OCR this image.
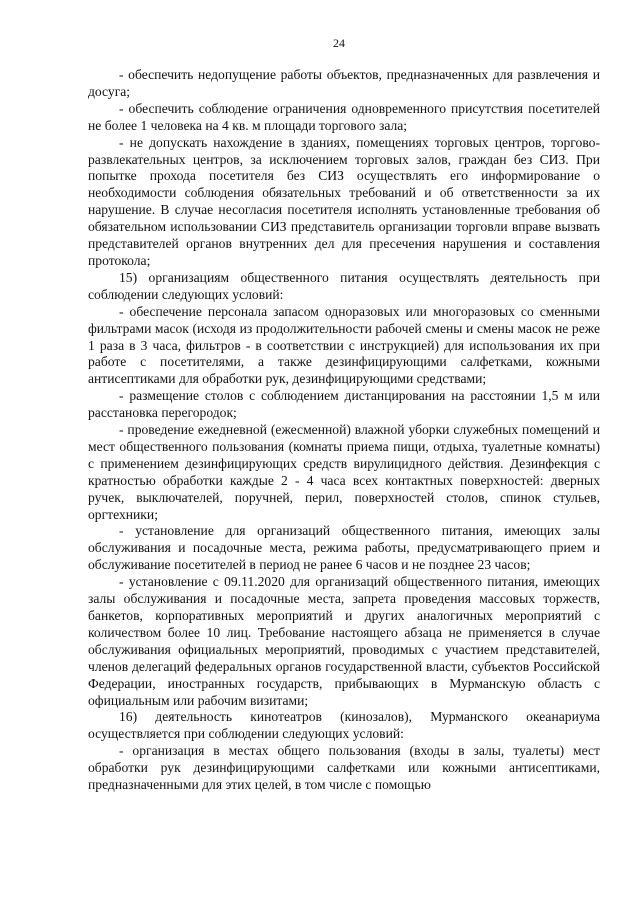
24

- обеспечить недопущение работы объектов, предназначенных для развлечения и досуга;

- обеспечить соблюдение ограничения одновременного присутствия посетителей не более 1 человека на 4 кв. м площади торгового зала;

- не допускать нахождение в зданиях, помещениях торговых центров, торгово-развлекательных центров, за исключением торговых залов, граждан без СИЗ. При попытке прохода посетителя без СИЗ осуществлять его информирование о необходимости соблюдения обязательных требований и об ответственности за их нарушение. В случае несогласия посетителя исполнять установленные требования об обязательном использовании СИЗ представитель организации торговли вправе вызвать представителей органов внутренних дел для пресечения нарушения и составления протокола;

15) организациям общественного питания осуществлять деятельность при соблюдении следующих условий:

- обеспечение персонала запасом одноразовых или многоразовых со сменными фильтрами масок (исходя из продолжительности рабочей смены и смены масок не реже 1 раза в 3 часа, фильтров - в соответствии с инструкцией) для использования их при работе с посетителями, а также дезинфицирующими салфетками, кожными антисептиками для обработки рук, дезинфицирующими средствами;

- размещение столов с соблюдением дистанцирования на расстоянии 1,5 м или расстановка перегородок;

- проведение ежедневной (ежесменной) влажной уборки служебных помещений и мест общественного пользования (комнаты приема пищи, отдыха, туалетные комнаты) с применением дезинфицирующих средств вирулицидного действия. Дезинфекция с кратностью обработки каждые 2 - 4 часа всех контактных поверхностей: дверных ручек, выключателей, поручней, перил, поверхностей столов, спинок стульев, оргтехники;

- установление для организаций общественного питания, имеющих залы обслуживания и посадочные места, режима работы, предусматривающего прием и обслуживание посетителей в период не ранее 6 часов и не позднее 23 часов;

- установление с 09.11.2020 для организаций общественного питания, имеющих залы обслуживания и посадочные места, запрета проведения массовых торжеств, банкетов, корпоративных мероприятий и других аналогичных мероприятий с количеством более 10 лиц. Требование настоящего абзаца не применяется в случае обслуживания официальных мероприятий, проводимых с участием представителей, членов делегаций федеральных органов государственной власти, субъектов Российской Федерации, иностранных государств, прибывающих в Мурманскую область с официальным или рабочим визитами;

16) деятельность кинотеатров (кинозалов), Мурманского океанариума осуществляется при соблюдении следующих условий:

- организация в местах общего пользования (входы в залы, туалеты) мест обработки рук дезинфицирующими салфетками или кожными антисептиками, предназначенными для этих целей, в том числе с помощью
